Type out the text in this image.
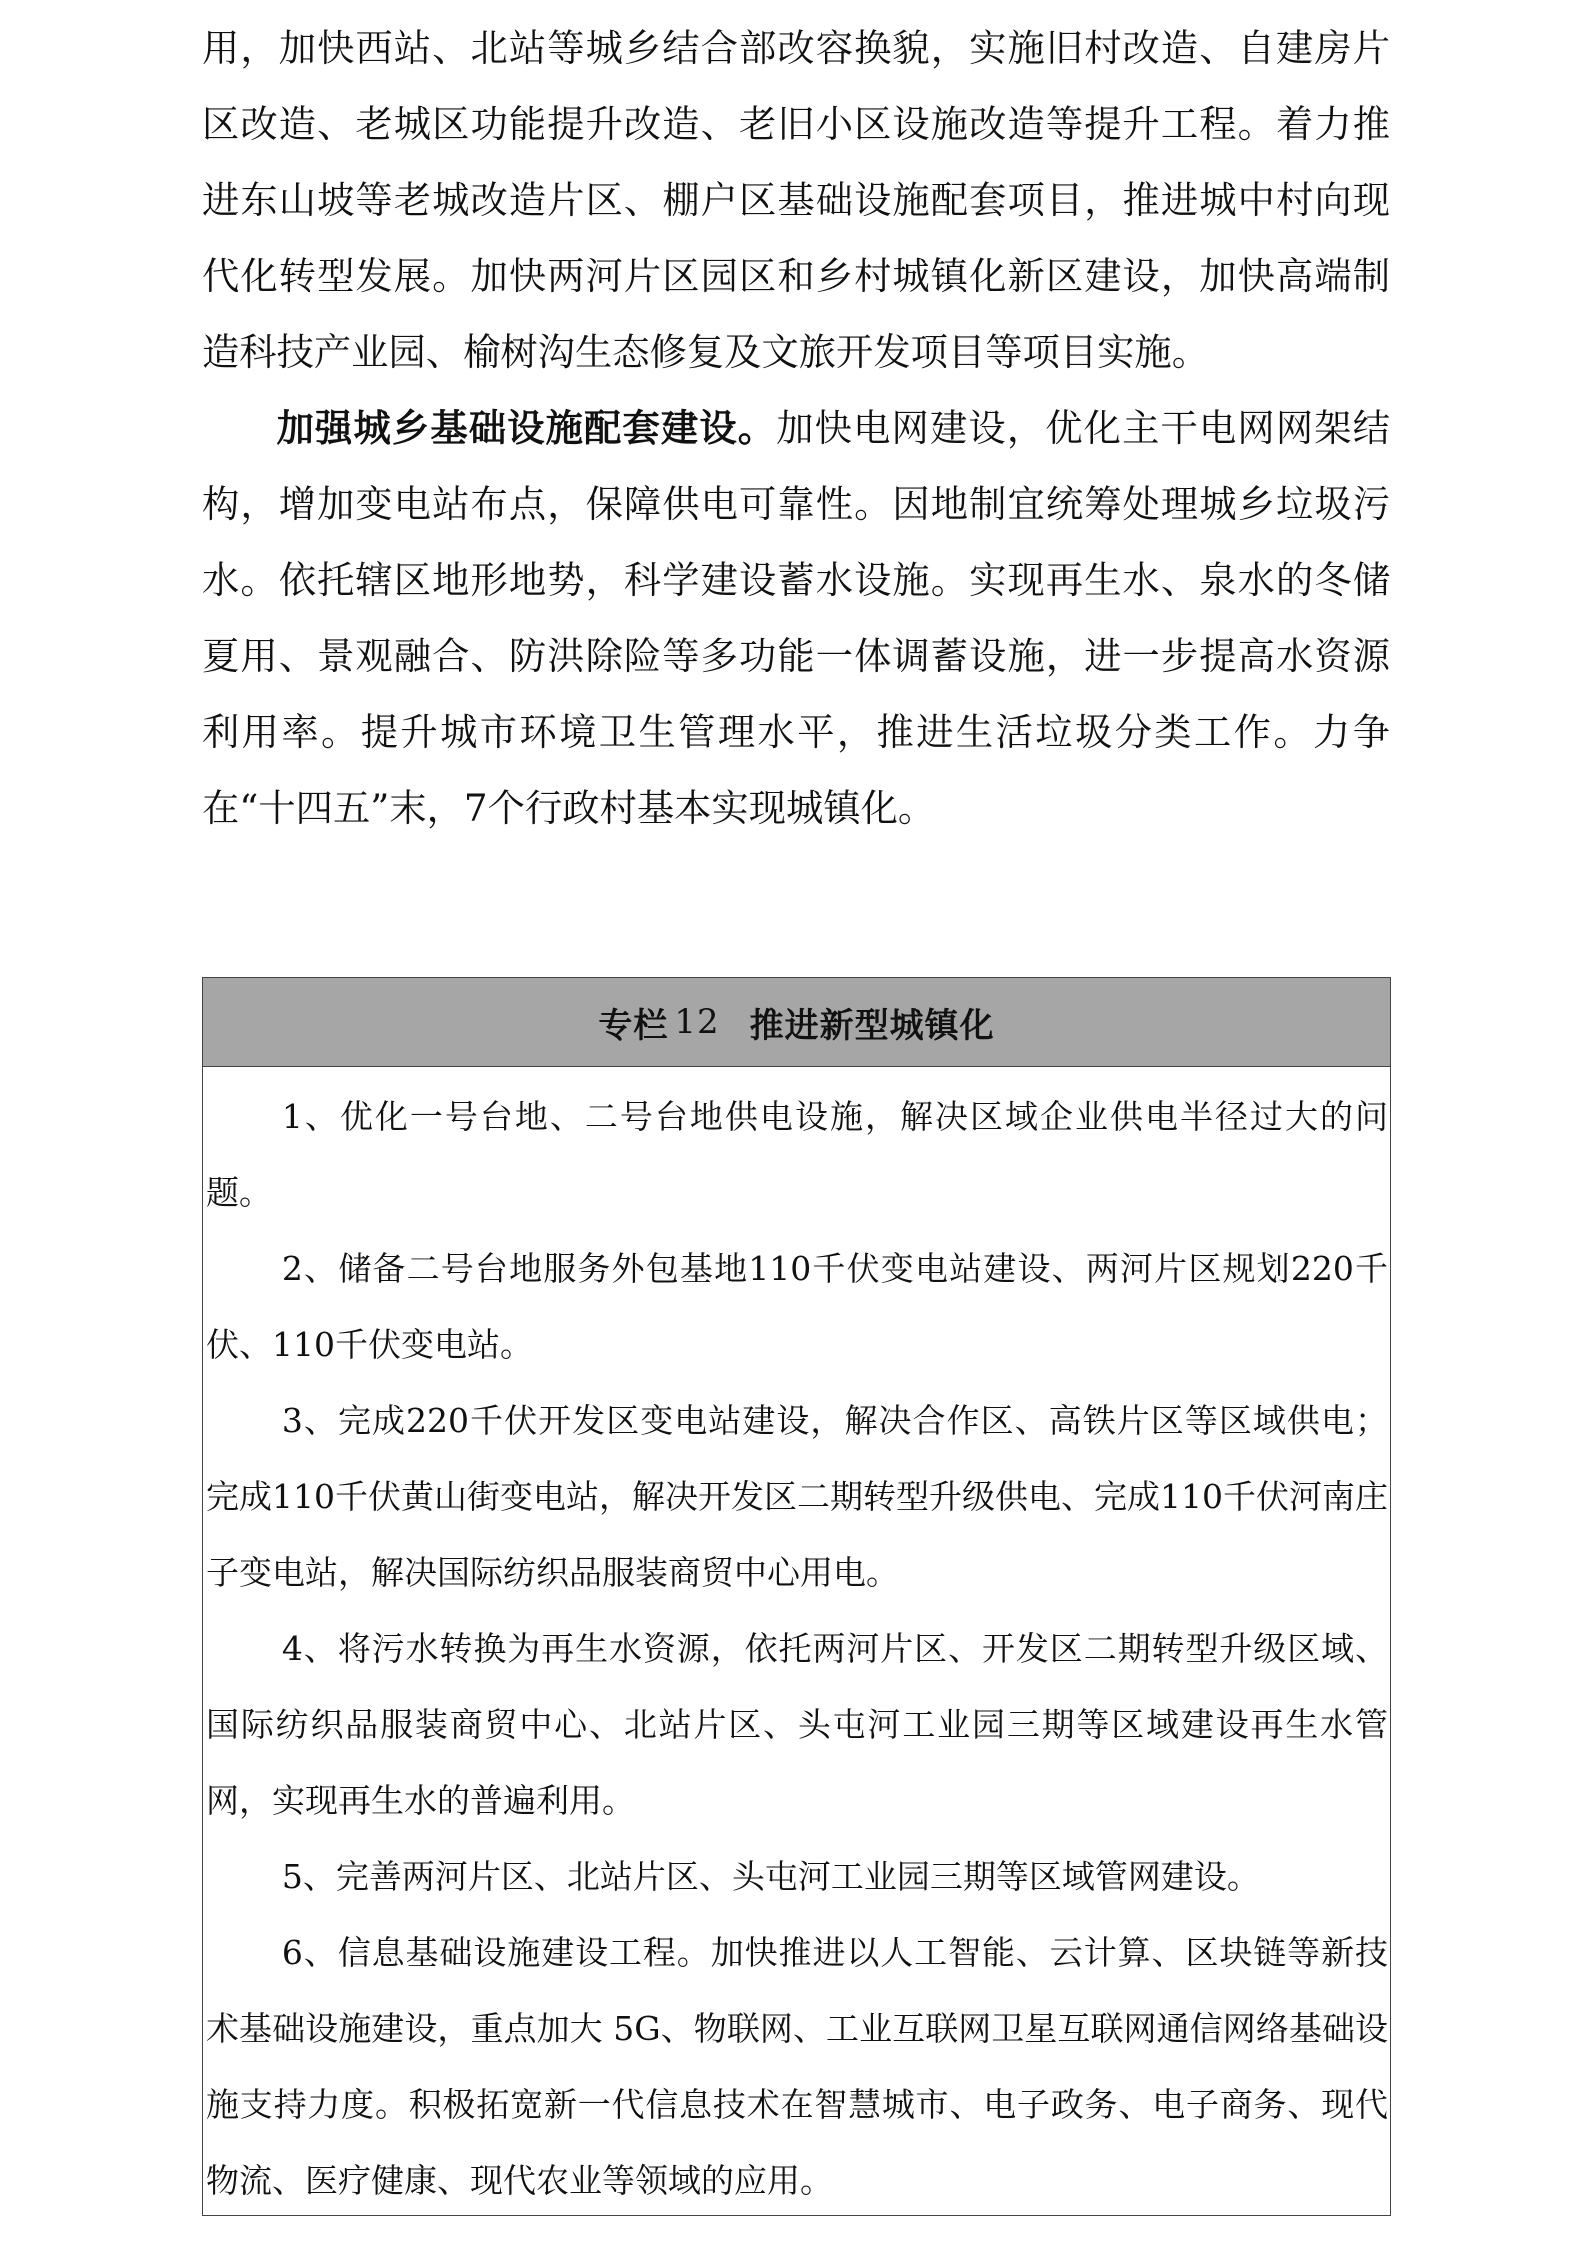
用，加快西站、北站等城乡结合部改容换貌，实施旧村改造、自建房片区改造、老城区功能提升改造、老旧小区设施改造等提升工程。着力推进东山坡等老城改造片区、棚户区基础设施配套项目，推进城中村向现代化转型发展。加快两河片区园区和乡村城镇化新区建设，加快高端制造科技产业园、榆树沟生态修复及文旅开发项目等项目实施。

加强城乡基础设施配套建设。加快电网建设，优化主干电网网架结构，增加变电站布点，保障供电可靠性。因地制宜统筹处理城乡垃圾污水。依托辖区地形地势，科学建设蓄水设施。实现再生水、泉水的冬储夏用、景观融合、防洪除险等多功能一体调蓄设施，进一步提高水资源利用率。提升城市环境卫生管理水平，推进生活垃圾分类工作。力争在“十四五”末，7个行政村基本实现城镇化。

专栏 12 推进新型城镇化

1、优化一号台地、二号台地供电设施，解决区域企业供电半径过大的问题。

2、储备二号台地服务外包基地110千伏变电站建设、两河片区规划220千伏、110千伏变电站。

3、完成220千伏开发区变电站建设，解决合作区、高铁片区等区域供电；完成110千伏黄山街变电站，解决开发区二期转型升级供电、完成110千伏河南庄子变电站，解决国际纺织品服装商贸中心用电。

4、将污水转换为再生水资源，依托两河片区、开发区二期转型升级区域、国际纺织品服装商贸中心、北站片区、头屯河工业园三期等区域建设再生水管网，实现再生水的普遍利用。

5、完善两河片区、北站片区、头屯河工业园三期等区域管网建设。

6、信息基础设施建设工程。加快推进以人工智能、云计算、区块链等新技术基础设施建设，重点加大 5G、物联网、工业互联网卫星互联网通信网络基础设施支持力度。积极拓宽新一代信息技术在智慧城市、电子政务、电子商务、现代物流、医疗健康、现代农业等领域的应用。
